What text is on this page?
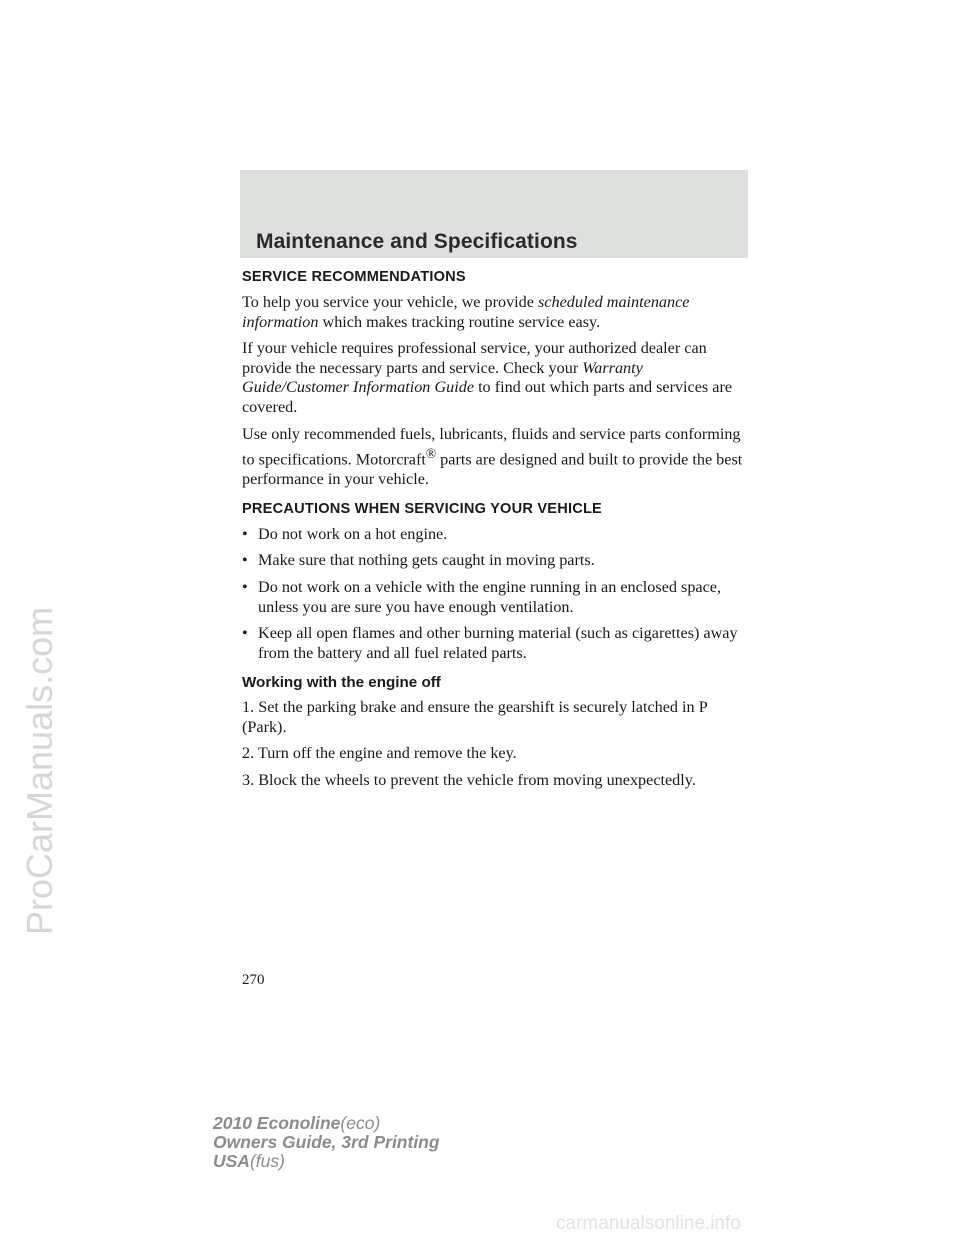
ProCarManuals.com
Maintenance and Specifications
SERVICE RECOMMENDATIONS

To help you service your vehicle, we provide scheduled maintenance information which makes tracking routine service easy.

If your vehicle requires professional service, your authorized dealer can provide the necessary parts and service. Check your Warranty Guide/Customer Information Guide to find out which parts and services are covered.

Use only recommended fuels, lubricants, fluids and service parts conforming to specifications. Motorcraft® parts are designed and built to provide the best performance in your vehicle.

PRECAUTIONS WHEN SERVICING YOUR VEHICLE
• Do not work on a hot engine.
• Make sure that nothing gets caught in moving parts.
• Do not work on a vehicle with the engine running in an enclosed space, unless you are sure you have enough ventilation.
• Keep all open flames and other burning material (such as cigarettes) away from the battery and all fuel related parts.
Working with the engine off

1. Set the parking brake and ensure the gearshift is securely latched in P (Park).

2. Turn off the engine and remove the key.

3. Block the wheels to prevent the vehicle from moving unexpectedly.

270

2010 Econoline(eco)
Owners Guide, 3rd Printing
USA(fus)

carmanualsonline.info
